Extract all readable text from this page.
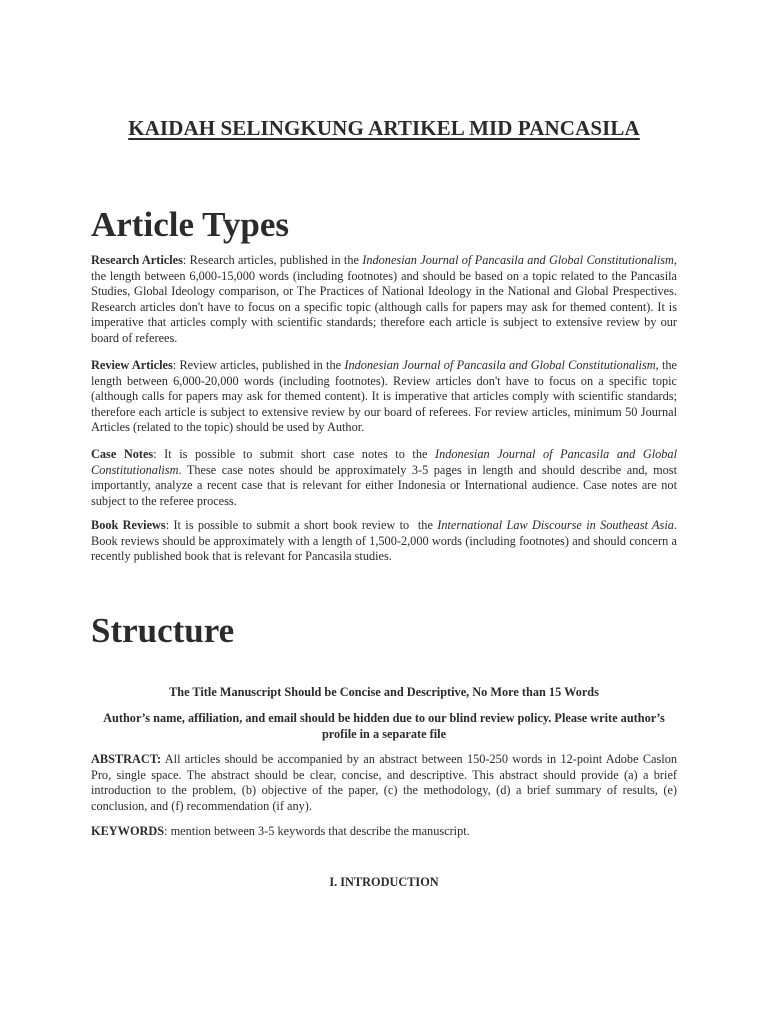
KAIDAH SELINGKUNG ARTIKEL MID PANCASILA
Article Types
Research Articles: Research articles, published in the Indonesian Journal of Pancasila and Global Constitutionalism, the length between 6,000-15,000 words (including footnotes) and should be based on a topic related to the Pancasila Studies, Global Ideology comparison, or The Practices of National Ideology in the National and Global Prespectives. Research articles don't have to focus on a specific topic (although calls for papers may ask for themed content). It is imperative that articles comply with scientific standards; therefore each article is subject to extensive review by our board of referees.
Review Articles: Review articles, published in the Indonesian Journal of Pancasila and Global Constitutionalism, the length between 6,000-20,000 words (including footnotes). Review articles don't have to focus on a specific topic (although calls for papers may ask for themed content). It is imperative that articles comply with scientific standards; therefore each article is subject to extensive review by our board of referees. For review articles, minimum 50 Journal Articles (related to the topic) should be used by Author.
Case Notes: It is possible to submit short case notes to the Indonesian Journal of Pancasila and Global Constitutionalism. These case notes should be approximately 3-5 pages in length and should describe and, most importantly, analyze a recent case that is relevant for either Indonesia or International audience. Case notes are not subject to the referee process.
Book Reviews: It is possible to submit a short book review to  the International Law Discourse in Southeast Asia. Book reviews should be approximately with a length of 1,500-2,000 words (including footnotes) and should concern a recently published book that is relevant for Pancasila studies.
Structure
The Title Manuscript Should be Concise and Descriptive, No More than 15 Words
Author’s name, affiliation, and email should be hidden due to our blind review policy. Please write author’s profile in a separate file
ABSTRACT: All articles should be accompanied by an abstract between 150-250 words in 12-point Adobe Caslon Pro, single space. The abstract should be clear, concise, and descriptive. This abstract should provide (a) a brief introduction to the problem, (b) objective of the paper, (c) the methodology, (d) a brief summary of results, (e) conclusion, and (f) recommendation (if any).
KEYWORDS: mention between 3-5 keywords that describe the manuscript.
I. INTRODUCTION
